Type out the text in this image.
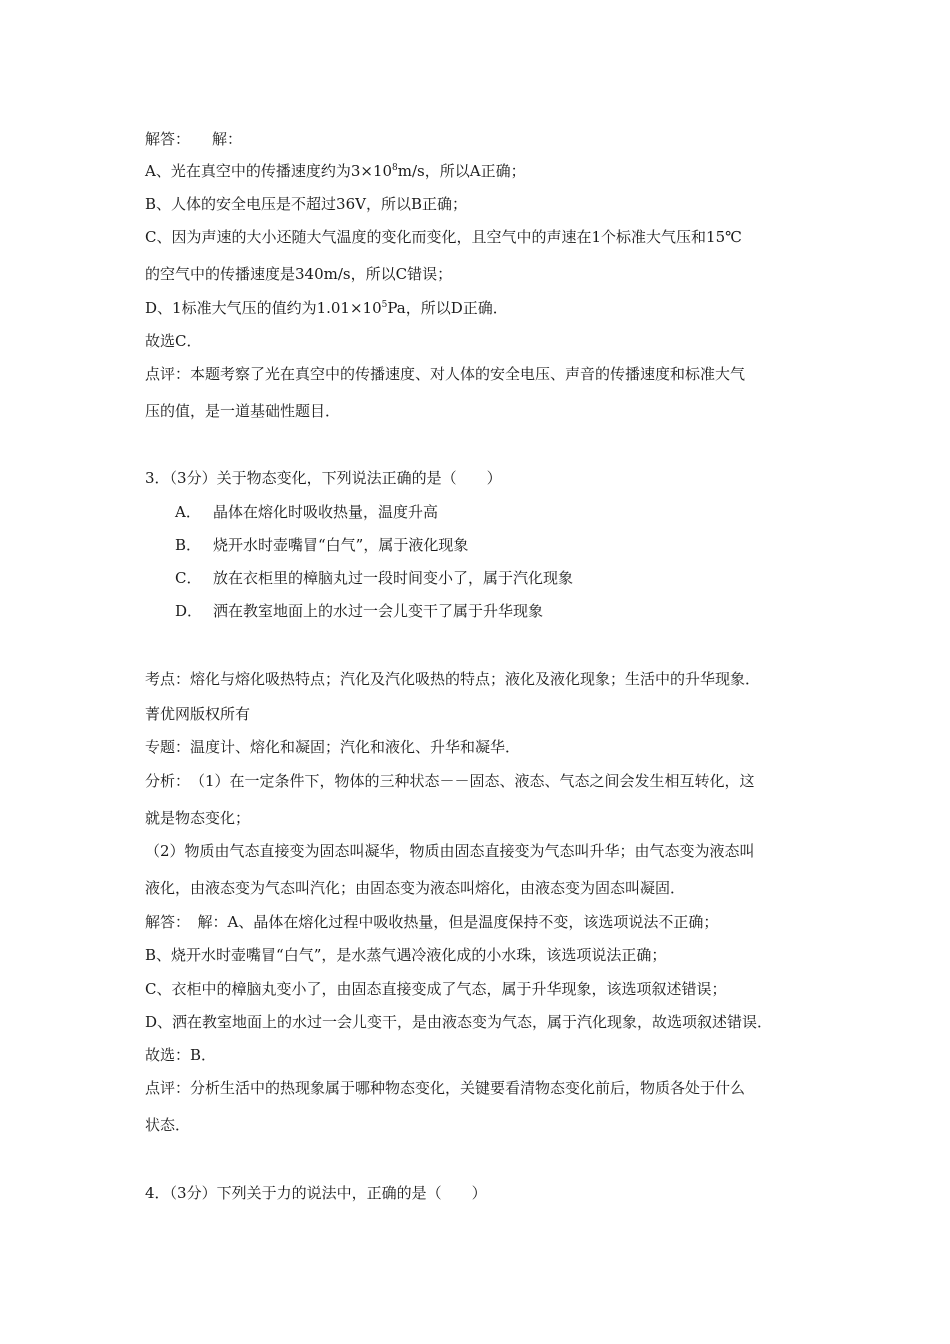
解答： 解：
A、光在真空中的传播速度约为$3\times 10^8m/s$，所以A正确；
B、人体的安全电压是不超过36V，所以B正确；
C、因为声速的大小还随大气温度的变化而变化，且空气中的声速在1个标准大气压和15℃
的空气中的传播速度是340m/s，所以C错误；
D、1标准大气压的值约为$1.01\times 10^5Pa$，所以D正确．
故选C．
点评：本题考察了光在真空中的传播速度、对人体的安全电压、声音的传播速度和标准大气
压的值，是一道基础性题目．
3．（3分）关于物态变化，下列说法正确的是（　　）
A． 晶体在熔化时吸收热量，温度升高
B． 烧开水时壶嘴冒“白气”，属于液化现象
C． 放在衣柜里的樟脑丸过一段时间变小了，属于汽化现象
D． 洒在教室地面上的水过一会儿变干了属于升华现象
考点：熔化与熔化吸热特点；汽化及汽化吸热的特点；液化及液化现象；生活中的升华现象．
菁优网版权所有
专题：温度计、熔化和凝固；汽化和液化、升华和凝华．
分析：　（1）在一定条件下，物体的三种状态－－固态、液态、气态之间会发生相互转化，这
就是物态变化；
（2）物质由气态直接变为固态叫凝华，物质由固态直接变为气态叫升华；由气态变为液态叫
液化，由液态变为气态叫汽化；由固态变为液态叫熔化，由液态变为固态叫凝固．
解答：　解：A、晶体在熔化过程中吸收热量，但是温度保持不变，该选项说法不正确；
B、烧开水时壶嘴冒“白气”，是水蒸气遇冷液化成的小水珠，该选项说法正确；
C、衣柜中的樟脑丸变小了，由固态直接变成了气态，属于升华现象，该选项叙述错误；
D、洒在教室地面上的水过一会儿变干，是由液态变为气态，属于汽化现象，故选项叙述错误．
故选：B．
点评：分析生活中的热现象属于哪种物态变化，关键要看清物态变化前后，物质各处于什么
状态．
4．（3分）下列关于力的说法中，正确的是（　　）
